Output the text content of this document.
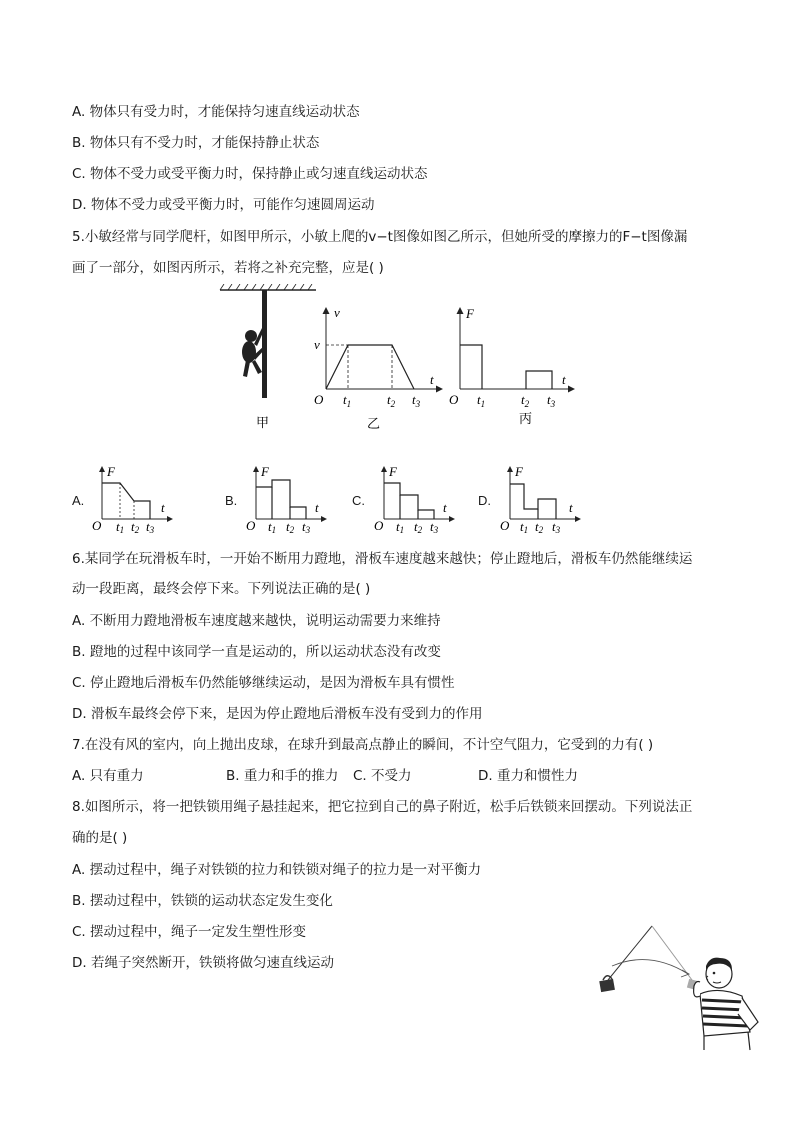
A. 物体只有受力时，才能保持匀速直线运动状态
B. 物体只有不受力时，才能保持静止状态
C. 物体不受力或受平衡力时，保持静止或匀速直线运动状态
D. 物体不受力或受平衡力时，可能作匀速圆周运动
5.小敏经常与同学爬杆，如图甲所示，小敏上爬的v−t图像如图乙所示，但她所受的摩擦力的F−t图像漏
画了一部分，如图丙所示，若将之补充完整，应是( )
甲
v
v
t
O $t_1$	$t_2$ $t_3$
乙
F
t
O $t_1$	$t_2$ $t_3$
丙
A.
F
t
O t1 t2 t3
B.
F
t
O t1 t2 t3
C.
F
t
O t1 t2 t3
D.
F
t
O t1 t2 t3
6.某同学在玩滑板车时，一开始不断用力蹬地，滑板车速度越来越快；停止蹬地后，滑板车仍然能继续运
动一段距离，最终会停下来。下列说法正确的是( )
A. 不断用力蹬地滑板车速度越来越快，说明运动需要力来维持
B. 蹬地的过程中该同学一直是运动的，所以运动状态没有改变
C. 停止蹬地后滑板车仍然能够继续运动，是因为滑板车具有惯性
D. 滑板车最终会停下来，是因为停止蹬地后滑板车没有受到力的作用
7.在没有风的室内，向上抛出皮球，在球升到最高点静止的瞬间，不计空气阻力，它受到的力有( )
A. 只有重力	B. 重力和手的推力 C. 不受力	D. 重力和惯性力
8.如图所示，将一把铁锁用绳子悬挂起来，把它拉到自己的鼻子附近，松手后铁锁来回摆动。下列说法正
确的是( )
A. 摆动过程中，绳子对铁锁的拉力和铁锁对绳子的拉力是一对平衡力
B. 摆动过程中，铁锁的运动状态定发生变化
C. 摆动过程中，绳子一定发生塑性形变
D. 若绳子突然断开，铁锁将做匀速直线运动
